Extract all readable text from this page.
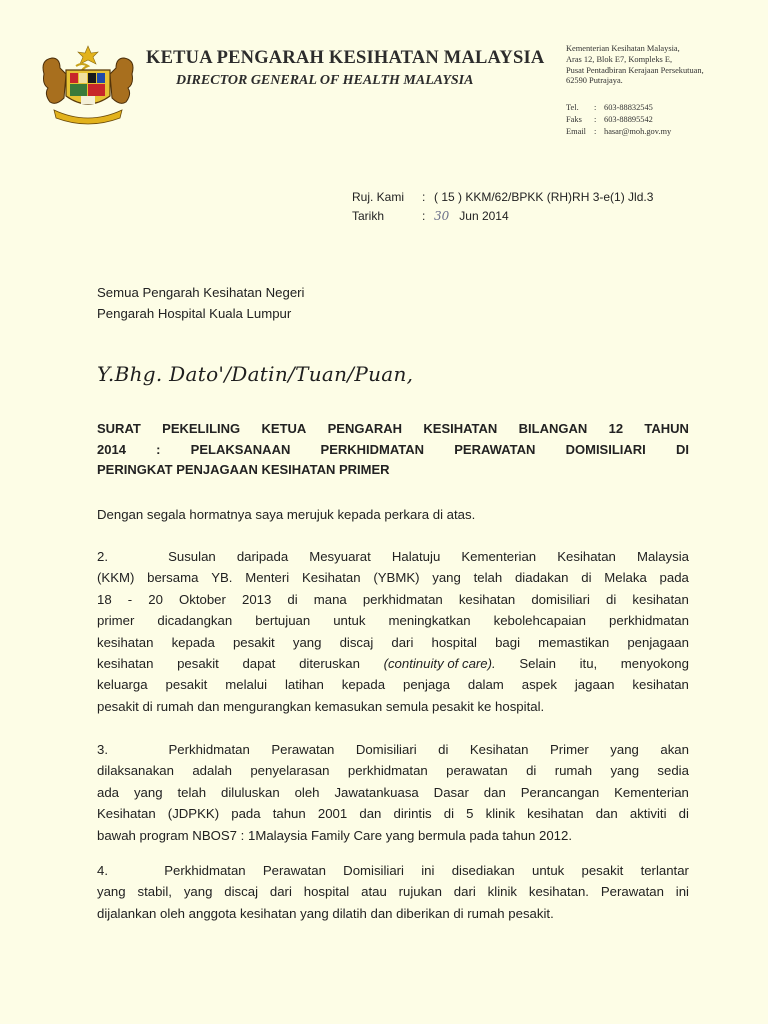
KETUA PENGARAH KESIHATAN MALAYSIA
DIRECTOR GENERAL OF HEALTH MALAYSIA
Kementerian Kesihatan Malaysia,
Aras 12, Blok E7, Kompleks E,
Pusat Pentadbiran Kerajaan Persekutuan,
62590 Putrajaya.
Tel.	: 603-88832545
Faks	: 603-88895542
Email : hasar@moh.gov.my
Ruj. Kami	: ( 15 ) KKM/62/BPKK (RH)RH 3-e(1) Jld.3
Tarikh	: 30 Jun 2014
Semua Pengarah Kesihatan Negeri
Pengarah Hospital Kuala Lumpur
Y.Bhg. Dato'/Datin/Tuan/Puan,
SURAT PEKELILING KETUA PENGARAH KESIHATAN BILANGAN 12 TAHUN
2014 : PELAKSANAAN PERKHIDMATAN PERAWATAN DOMISILIARI DI
PERINGKAT PENJAGAAN KESIHATAN PRIMER
Dengan segala hormatnya saya merujuk kepada perkara di atas.
2.	Susulan daripada Mesyuarat Halatuju Kementerian Kesihatan Malaysia
(KKM) bersama YB. Menteri Kesihatan (YBMK) yang telah diadakan di Melaka pada
18 - 20 Oktober 2013 di mana perkhidmatan kesihatan domisiliari di kesihatan
primer dicadangkan bertujuan untuk meningkatkan kebolehcapaian perkhidmatan
kesihatan kepada pesakit yang discaj dari hospital bagi memastikan penjagaan
kesihatan pesakit dapat diteruskan (continuity of care). Selain itu, menyokong
keluarga pesakit melalui latihan kepada penjaga dalam aspek jagaan kesihatan
pesakit di rumah dan mengurangkan kemasukan semula pesakit ke hospital.
3.	Perkhidmatan Perawatan Domisiliari di Kesihatan Primer yang akan
dilaksanakan adalah penyelarasan perkhidmatan perawatan di rumah yang sedia
ada yang telah diluluskan oleh Jawatankuasa Dasar dan Perancangan Kementerian
Kesihatan (JDPKK) pada tahun 2001 dan dirintis di 5 klinik kesihatan dan aktiviti di
bawah program NBOS7 : 1Malaysia Family Care yang bermula pada tahun 2012.
4.	Perkhidmatan Perawatan Domisiliari ini disediakan untuk pesakit terlantar
yang stabil, yang discaj dari hospital atau rujukan dari klinik kesihatan. Perawatan ini
dijalankan oleh anggota kesihatan yang dilatih dan diberikan di rumah pesakit.
